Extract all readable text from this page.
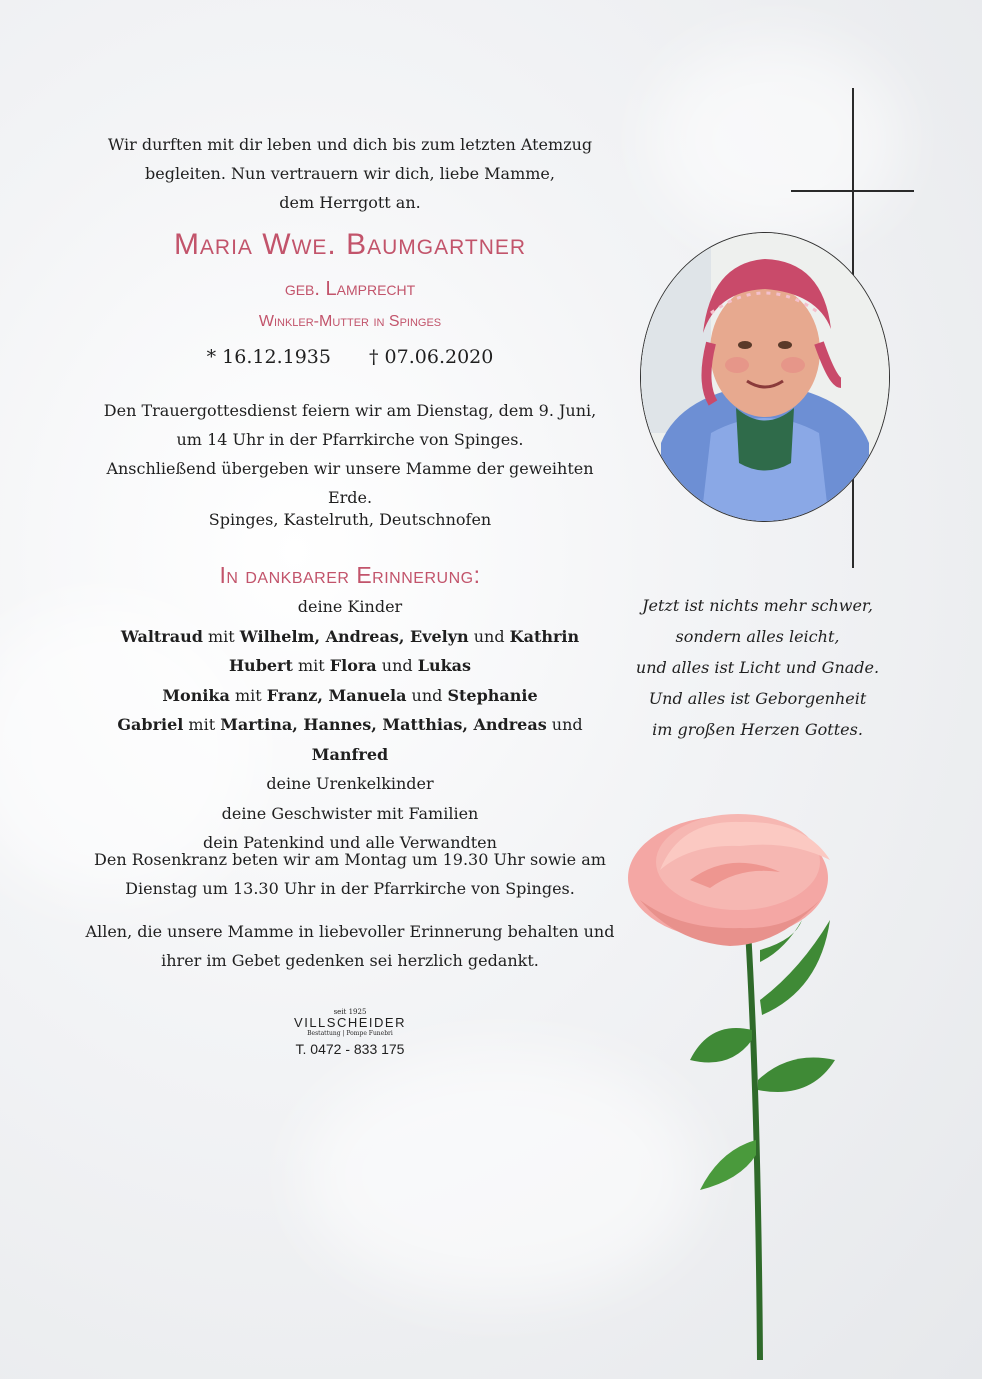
Wir durften mit dir leben und dich bis zum letzten Atemzug
begleiten. Nun vertrauern wir dich, liebe Mamme,
dem Herrgott an.
Maria Wwe. Baumgartner
geb. Lamprecht
Winkler-Mutter in Spinges
* 16.12.1935 † 07.06.2020
Den Trauergottesdienst feiern wir am Dienstag, dem 9. Juni,
um 14 Uhr in der Pfarrkirche von Spinges.
Anschließend übergeben wir unsere Mamme der geweihten Erde.
Spinges, Kastelruth, Deutschnofen
In dankbarer Erinnerung:
deine Kinder
Waltraud mit Wilhelm, Andreas, Evelyn und Kathrin
Hubert mit Flora und Lukas
Monika mit Franz, Manuela und Stephanie
Gabriel mit Martina, Hannes, Matthias, Andreas und Manfred
deine Urenkelkinder
deine Geschwister mit Familien
dein Patenkind und alle Verwandten
Den Rosenkranz beten wir am Montag um 19.30 Uhr sowie am
Dienstag um 13.30 Uhr in der Pfarrkirche von Spinges.
Allen, die unsere Mamme in liebevoller Erinnerung behalten und
ihrer im Gebet gedenken sei herzlich gedankt.
seit 1925
VILLSCHEIDER
Bestattung | Pompe Funebri
T. 0472 - 833 175
Jetzt ist nichts mehr schwer,
sondern alles leicht,
und alles ist Licht und Gnade.
Und alles ist Geborgenheit
im großen Herzen Gottes.
